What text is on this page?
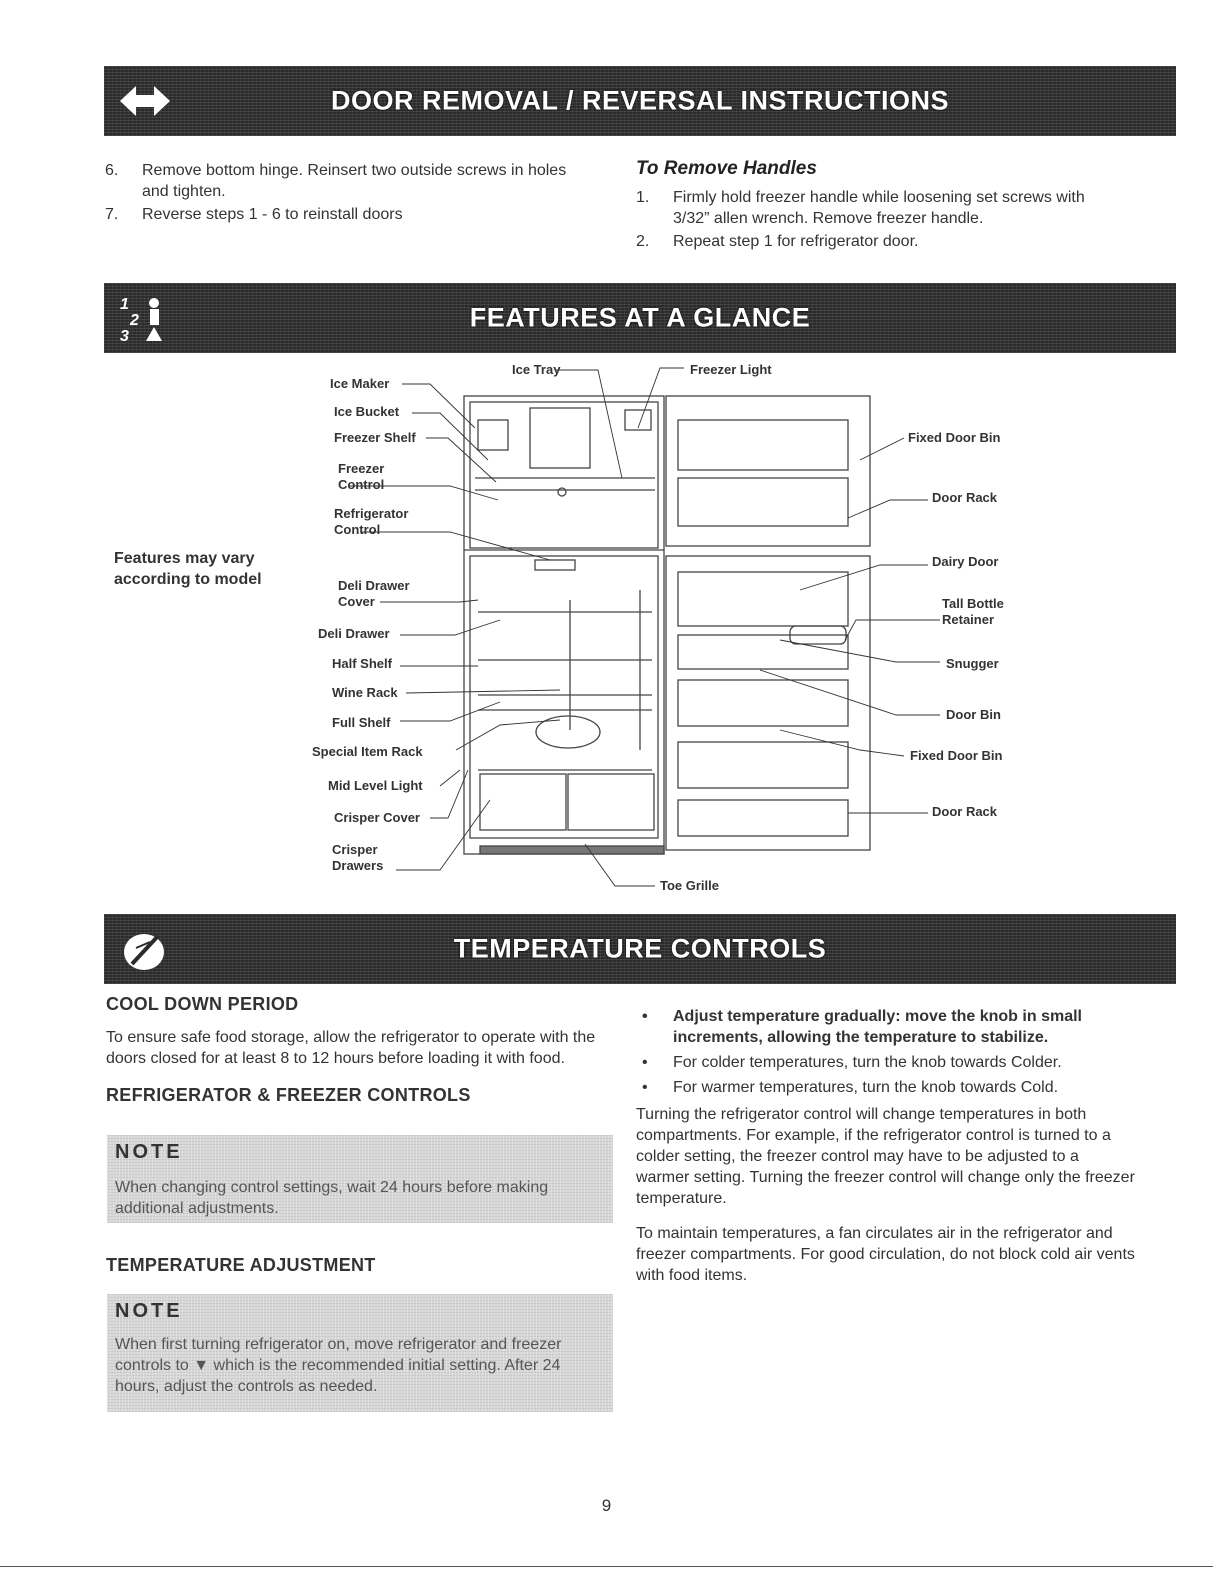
DOOR REMOVAL / REVERSAL INSTRUCTIONS
6. Remove bottom hinge. Reinsert two outside screws in holes and tighten.
7. Reverse steps 1 - 6 to reinstall doors
To Remove Handles
1. Firmly hold freezer handle while loosening set screws with 3/32” allen wrench. Remove freezer handle.
2. Repeat step 1 for refrigerator door.
1
2
3
FEATURES AT A GLANCE
Features may vary
according to model
Ice Maker
Ice Tray	Freezer Light
Ice Bucket
Freezer Shelf
Freezer
Control
Refrigerator
Control
Deli Drawer
Cover
Deli Drawer
Half Shelf
Wine Rack
Full Shelf
Special Item Rack
Mid Level Light
Crisper Cover
Crisper
Drawers
Toe Grille
Fixed Door Bin
Door Rack
Dairy Door
Tall Bottle
Retainer
Snugger
Door Bin
Fixed Door Bin
Door Rack
TEMPERATURE CONTROLS
COOL DOWN PERIOD
To ensure safe food storage, allow the refrigerator to operate with the doors closed for at least 8 to 12 hours before loading it with food.
REFRIGERATOR & FREEZER CONTROLS
NOTE
When changing control settings, wait 24 hours before making additional adjustments.
TEMPERATURE ADJUSTMENT
NOTE
When first turning refrigerator on, move refrigerator and freezer controls to ▼ which is the recommended initial setting. After 24 hours, adjust the controls as needed.
• Adjust temperature gradually: move the knob in small increments, allowing the temperature to stabilize.
• For colder temperatures, turn the knob towards Colder.
• For warmer temperatures, turn the knob towards Cold.
Turning the refrigerator control will change temperatures in both compartments. For example, if the refrigerator control is turned to a colder setting, the freezer control may have to be adjusted to a warmer setting. Turning the freezer control will change only the freezer temperature.
To maintain temperatures, a fan circulates air in the refrigerator and freezer compartments. For good circulation, do not block cold air vents with food items.
9
